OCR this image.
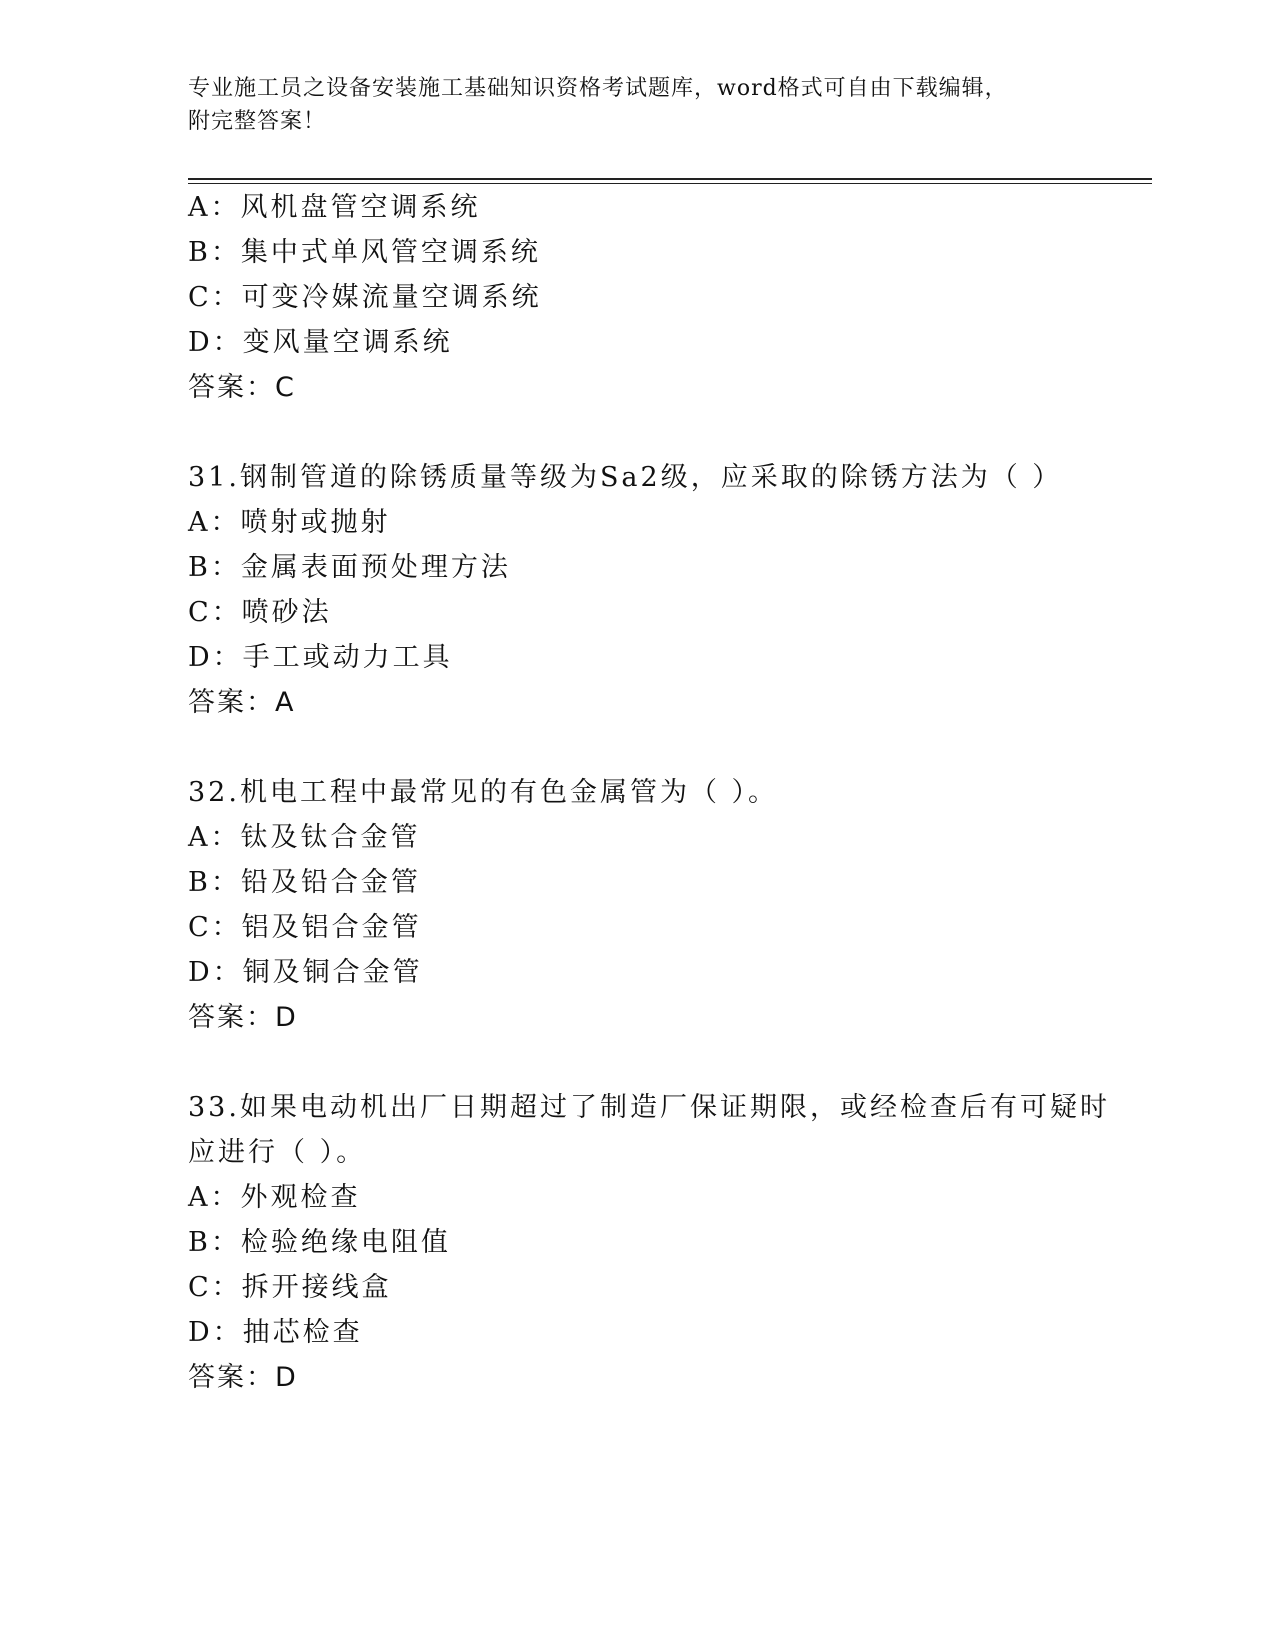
专业施工员之设备安装施工基础知识资格考试题库，word格式可自由下载编辑，
附完整答案！
A：风机盘管空调系统
B：集中式单风管空调系统
C：可变冷媒流量空调系统
D：变风量空调系统
答案：C
31.钢制管道的除锈质量等级为Sa2级，应采取的除锈方法为（ ）
A：喷射或抛射
B：金属表面预处理方法
C：喷砂法
D：手工或动力工具
答案：A
32.机电工程中最常见的有色金属管为（ ）。
A：钛及钛合金管
B：铅及铅合金管
C：铝及铝合金管
D：铜及铜合金管
答案：D
33.如果电动机出厂日期超过了制造厂保证期限，或经检查后有可疑时
应进行（ ）。
A：外观检查
B：检验绝缘电阻值
C：拆开接线盒
D：抽芯检查
答案：D
